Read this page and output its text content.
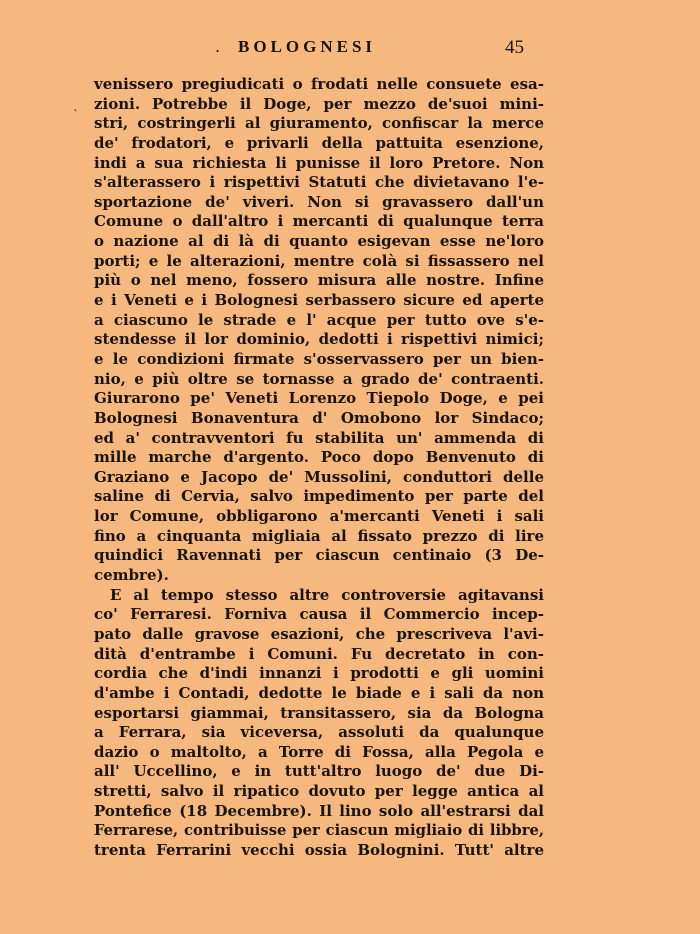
. BOLOGNESI	45
`
venissero pregiudicati o frodati nelle consuete esa-
zioni. Potrebbe il Doge, per mezzo de'suoi mini-
stri, costringerli al giuramento, confiscar la merce
de' frodatori, e privarli della pattuita esenzione,
indi a sua richiesta li punisse il loro Pretore. Non
s'alterassero i rispettivi Statuti che divietavano l'e-
sportazione de' viveri. Non si gravassero dall'un
Comune o dall'altro i mercanti di qualunque terra
o nazione al di là di quanto esigevan esse ne'loro
porti; e le alterazioni, mentre colà si fissassero nel
più o nel meno, fossero misura alle nostre. Infine
e i Veneti e i Bolognesi serbassero sicure ed aperte
a ciascuno le strade e l' acque per tutto ove s'e-
stendesse il lor dominio, dedotti i rispettivi nimici;
e le condizioni firmate s'osservassero per un bien-
nio, e più oltre se tornasse a grado de' contraenti.
Giurarono pe' Veneti Lorenzo Tiepolo Doge, e pei
Bolognesi Bonaventura d' Omobono lor Sindaco;
ed a' contravventori fu stabilita un' ammenda di
mille marche d'argento. Poco dopo Benvenuto di
Graziano e Jacopo de' Mussolini, conduttori delle
saline di Cervia, salvo impedimento per parte del
lor Comune, obbligarono a'mercanti Veneti i sali
fino a cinquanta migliaia al fissato prezzo di lire
quindici Ravennati per ciascun centinaio (3 De-
cembre).
E al tempo stesso altre controversie agitavansi
co' Ferraresi. Forniva causa il Commercio incep-
pato dalle gravose esazioni, che prescriveva l'avi-
dità d'entrambe i Comuni. Fu decretato in con-
cordia che d'indi innanzi i prodotti e gli uomini
d'ambe i Contadi, dedotte le biade e i sali da non
esportarsi giammai, transitassero, sia da Bologna
a Ferrara, sia viceversa, assoluti da qualunque
dazio o maltolto, a Torre di Fossa, alla Pegola e
all' Uccellino, e in tutt'altro luogo de' due Di-
stretti, salvo il ripatico dovuto per legge antica al
Pontefice (18 Decembre). Il lino solo all'estrarsi dal
Ferrarese, contribuisse per ciascun migliaio di libbre,
trenta Ferrarini vecchi ossia Bolognini. Tutt' altre
